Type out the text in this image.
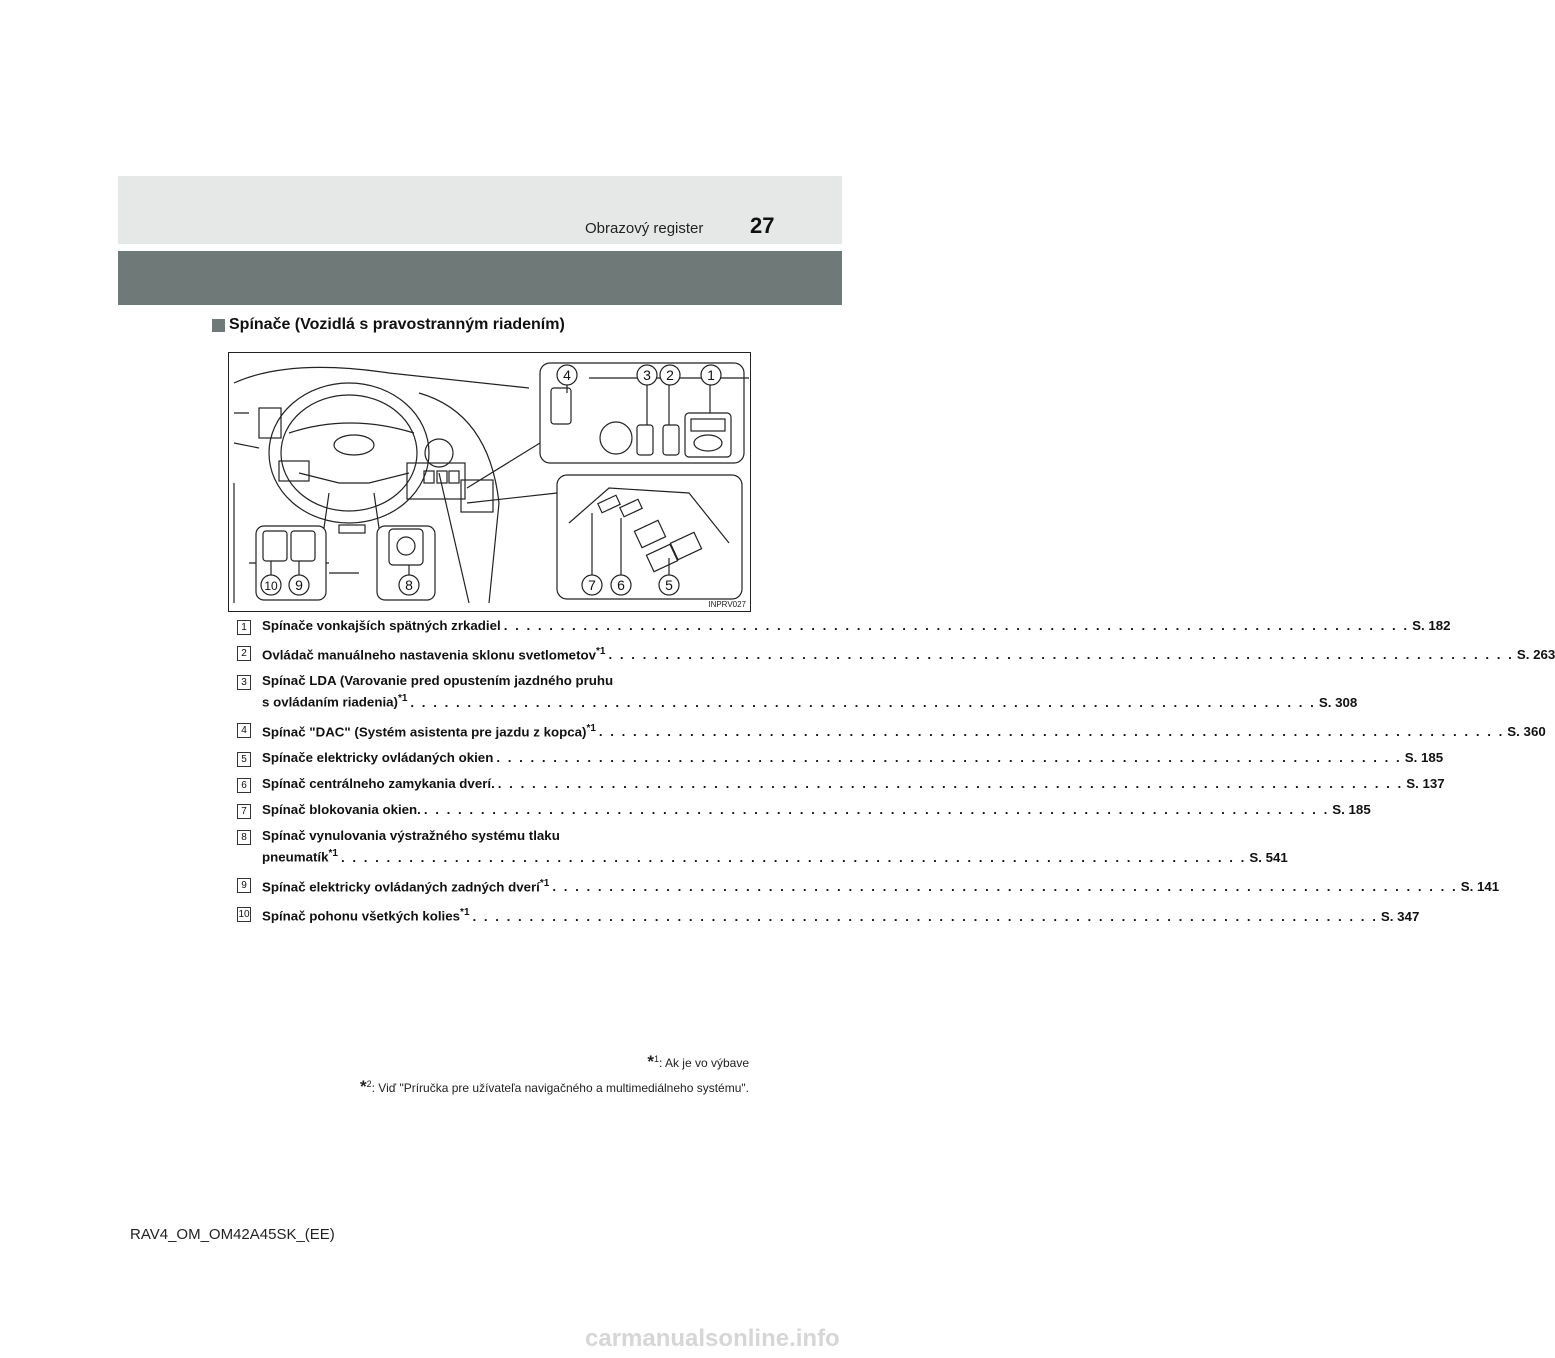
Obrazový register 27
Spínače (Vozidlá s pravostranným riadením)
4	3 2 1
10 9	8	7 6	5
INPRV027
1	Spínače vonkajších spätných zrkadiel . . .	S. 182
2	Ovládač manuálneho nastavenia sklonu svetlometov$^{*1}$ . . .	S. 263
3	Spínač LDA (Varovanie pred opustením jazdného pruhu
s ovládaním riadenia)$^{*1}$ . . .	S. 308
4	Spínač "DAC" (Systém asistenta pre jazdu z kopca)$^{*1}$ . . .	S. 360
5	Spínače elektricky ovládaných okien . . .	S. 185
6	Spínač centrálneho zamykania dverí. . . .	S. 137
7	Spínač blokovania okien. . . .	S. 185
8	Spínač vynulovania výstražného systému tlaku
pneumatík$^{*1}$ . . .	S. 541
9	Spínač elektricky ovládaných zadných dverí$^{*1}$ . . .	S. 141
10 Spínač pohonu všetkých kolies$^{*1}$ . . .	S. 347
*$^1$: Ak je vo výbave
*$^2$: Viď "Príručka pre užívateľa navigačného a multimediálneho systému".
RAV4_OM_OM42A45SK_(EE)
carmanualsonline.info
